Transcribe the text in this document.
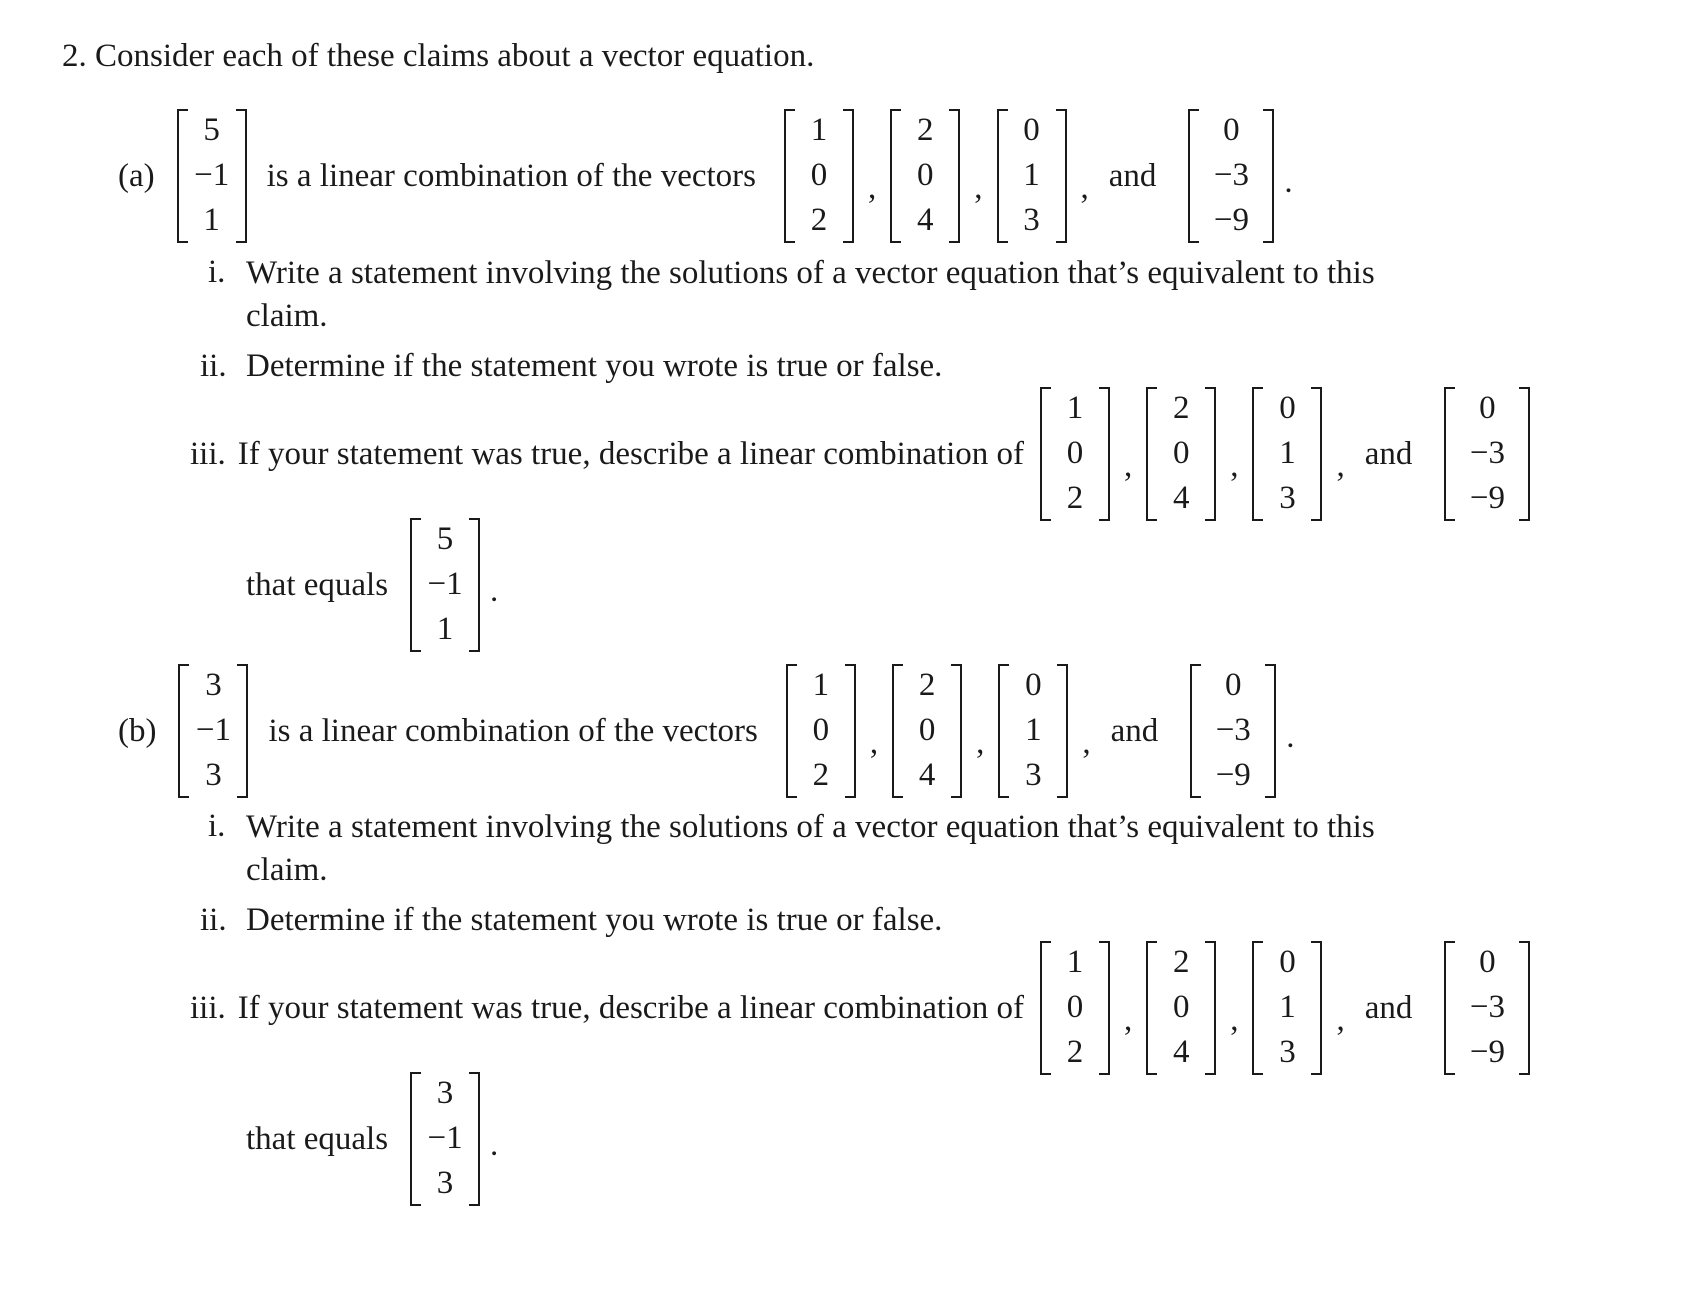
2. Consider each of these claims about a vector equation.
(a)
5
−1
1
is a linear combination of the vectors
1
0
2
,
2
0
4
,
0
1
3
, and
0
−3
−9
.
i. Write a statement involving the solutions of a vector equation that’s equivalent to this claim.
ii. Determine if the statement you wrote is true or false.
iii. If your statement was true, describe a linear combination of
1
0
2
,
2
0
4
,
0
1
3
, and
0
−3
−9
that equals
5
−1
1
.
(b)
3
−1
3
is a linear combination of the vectors
1
0
2
,
2
0
4
,
0
1
3
, and
0
−3
−9
.
i. Write a statement involving the solutions of a vector equation that’s equivalent to this claim.
ii. Determine if the statement you wrote is true or false.
iii. If your statement was true, describe a linear combination of
1
0
2
,
2
0
4
,
0
1
3
, and
0
−3
−9
that equals
3
−1
3
.
